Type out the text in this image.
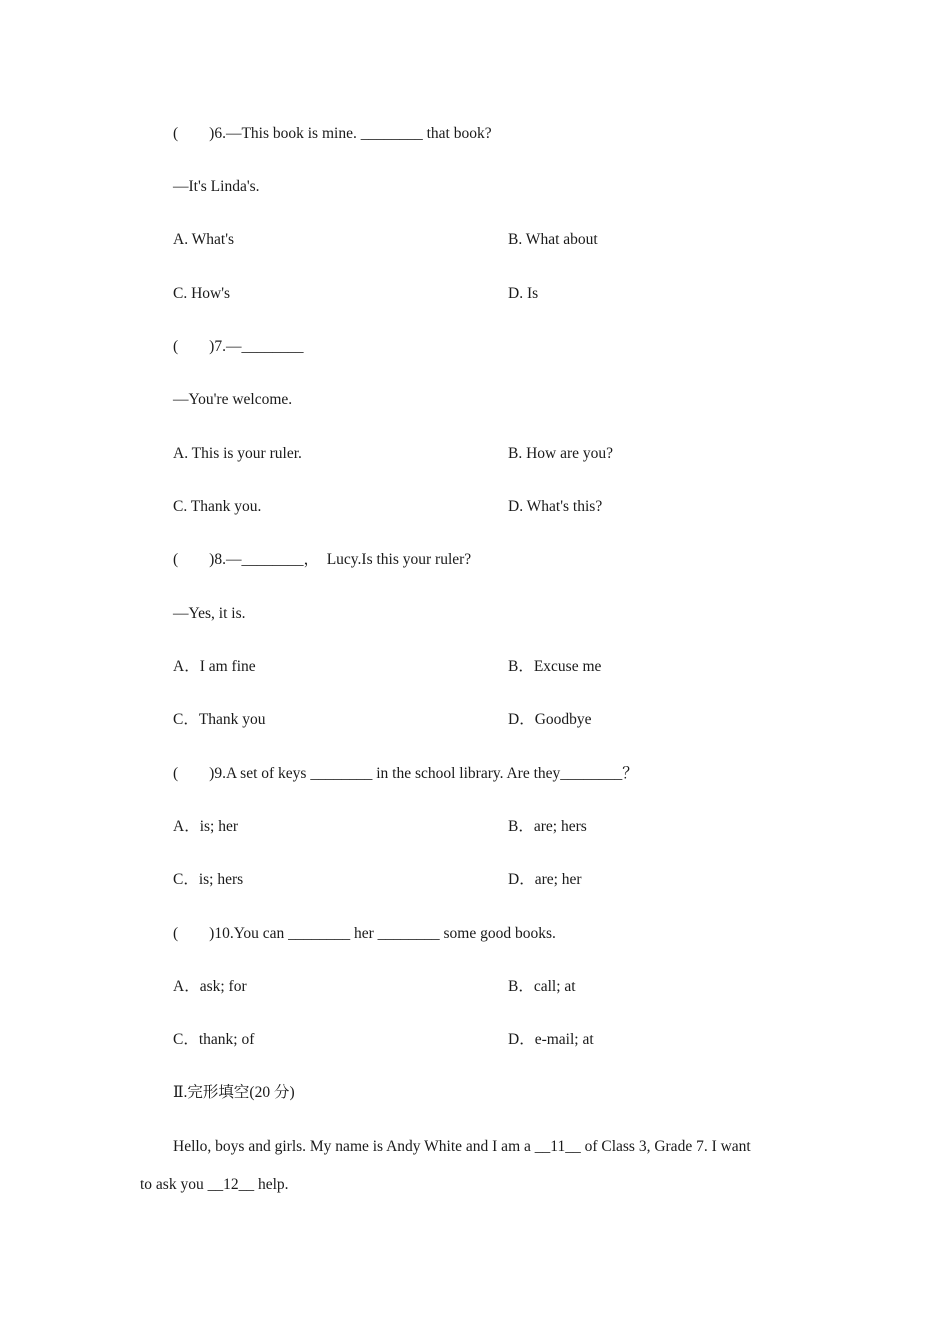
(        )6.—This book is mine. ________ that book?
—It's Linda's.
A. What's	B. What about
C. How's	D. Is
(        )7.—________
—You're welcome.
A. This is your ruler.	B. How are you?
C. Thank you.	D. What's this?
(        )8.—________，  Lucy.Is this your ruler?
—Yes, it is.
A．I am fine	B．Excuse me
C．Thank you	D．Goodbye
(        )9.A set of keys ________ in the school library. Are they________？
A．is; her	B．are; hers
C．is; hers	D．are; her
(        )10.You can ________ her ________ some good books.
A．ask; for	B．call; at
C．thank; of	D．e-mail; at
Ⅱ.完形填空(20 分)
Hello, boys and girls. My name is Andy White and I am a __11__ of Class 3, Grade 7. I want
to ask you __12__ help.
